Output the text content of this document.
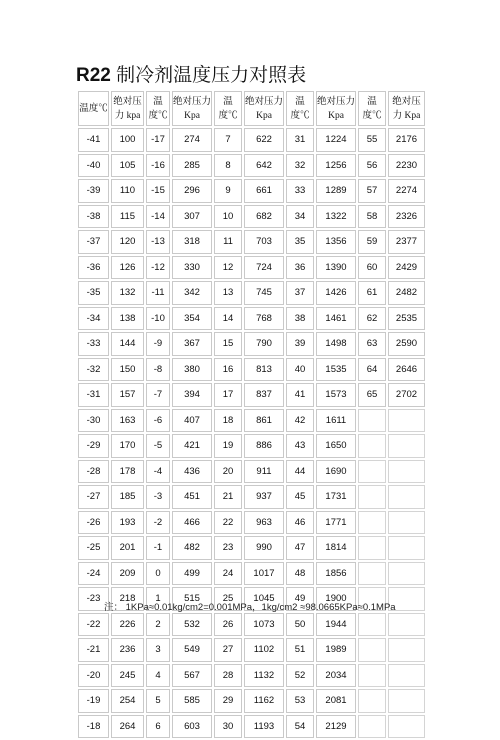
R22 制冷剂温度压力对照表
温度℃	绝对压力 kpa	温度℃	绝对压力 Kpa	温度℃	绝对压力 Kpa	温度℃	绝对压力 Kpa	温度℃	绝对压力 Kpa
-41	100	-17	274	7	622	31	1224	55	2176
-40	105	-16	285	8	642	32	1256	56	2230
-39	110	-15	296	9	661	33	1289	57	2274
-38	115	-14	307	10	682	34	1322	58	2326
-37	120	-13	318	11	703	35	1356	59	2377
-36	126	-12	330	12	724	36	1390	60	2429
-35	132	-11	342	13	745	37	1426	61	2482
-34	138	-10	354	14	768	38	1461	62	2535
-33	144	-9	367	15	790	39	1498	63	2590
-32	150	-8	380	16	813	40	1535	64	2646
-31	157	-7	394	17	837	41	1573	65	2702
-30	163	-6	407	18	861	42	1611		
-29	170	-5	421	19	886	43	1650		
-28	178	-4	436	20	911	44	1690		
-27	185	-3	451	21	937	45	1731		
-26	193	-2	466	22	963	46	1771		
-25	201	-1	482	23	990	47	1814		
-24	209	0	499	24	1017	48	1856		
-23	218	1	515	25	1045	49	1900		
-22	226	2	532	26	1073	50	1944		
-21	236	3	549	27	1102	51	1989		
-20	245	4	567	28	1132	52	2034		
-19	254	5	585	29	1162	53	2081		
-18	264	6	603	30	1193	54	2129		
注： 1KPa≈0.01kg/cm2=0.001MPa，1kg/cm2 ≈98.0665KPa≈0.1MPa
